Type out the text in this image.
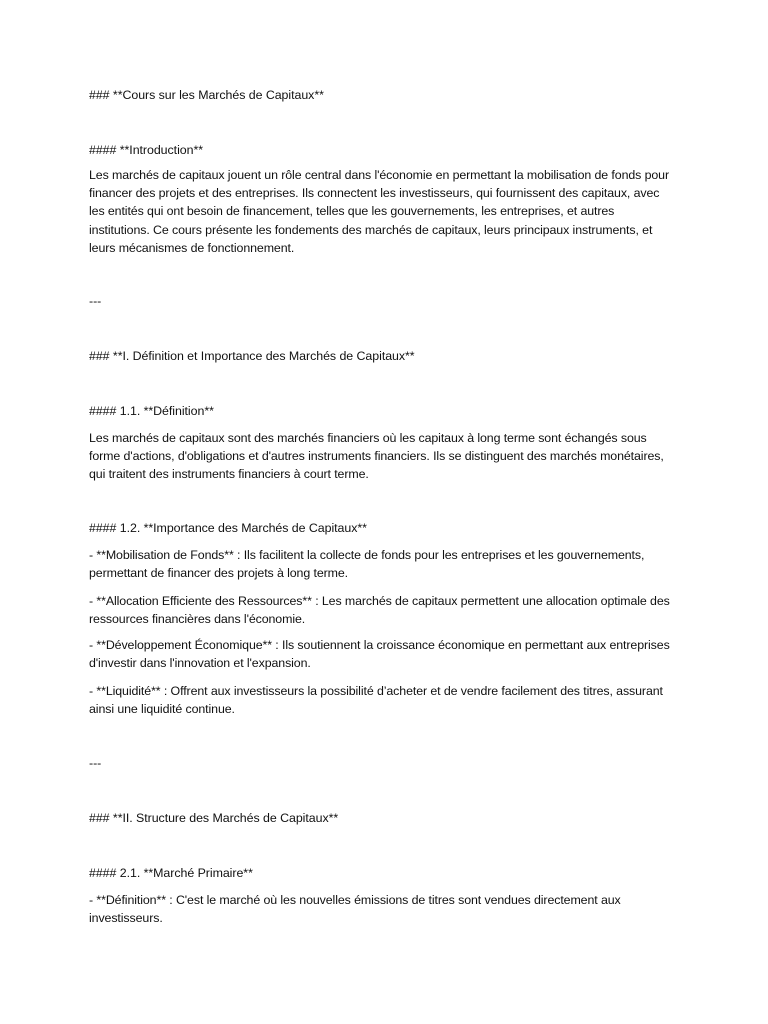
### **Cours sur les Marchés de Capitaux**
#### **Introduction**
Les marchés de capitaux jouent un rôle central dans l'économie en permettant la mobilisation de fonds pour financer des projets et des entreprises. Ils connectent les investisseurs, qui fournissent des capitaux, avec les entités qui ont besoin de financement, telles que les gouvernements, les entreprises, et autres institutions. Ce cours présente les fondements des marchés de capitaux, leurs principaux instruments, et leurs mécanismes de fonctionnement.
---
### **I. Définition et Importance des Marchés de Capitaux**
#### 1.1. **Définition**
Les marchés de capitaux sont des marchés financiers où les capitaux à long terme sont échangés sous forme d'actions, d'obligations et d'autres instruments financiers. Ils se distinguent des marchés monétaires, qui traitent des instruments financiers à court terme.
#### 1.2. **Importance des Marchés de Capitaux**
- **Mobilisation de Fonds** : Ils facilitent la collecte de fonds pour les entreprises et les gouvernements, permettant de financer des projets à long terme.
- **Allocation Efficiente des Ressources** : Les marchés de capitaux permettent une allocation optimale des ressources financières dans l'économie.
- **Développement Économique** : Ils soutiennent la croissance économique en permettant aux entreprises d'investir dans l'innovation et l'expansion.
- **Liquidité** : Offrent aux investisseurs la possibilité d’acheter et de vendre facilement des titres, assurant ainsi une liquidité continue.
---
### **II. Structure des Marchés de Capitaux**
#### 2.1. **Marché Primaire**
- **Définition** : C'est le marché où les nouvelles émissions de titres sont vendues directement aux investisseurs.
